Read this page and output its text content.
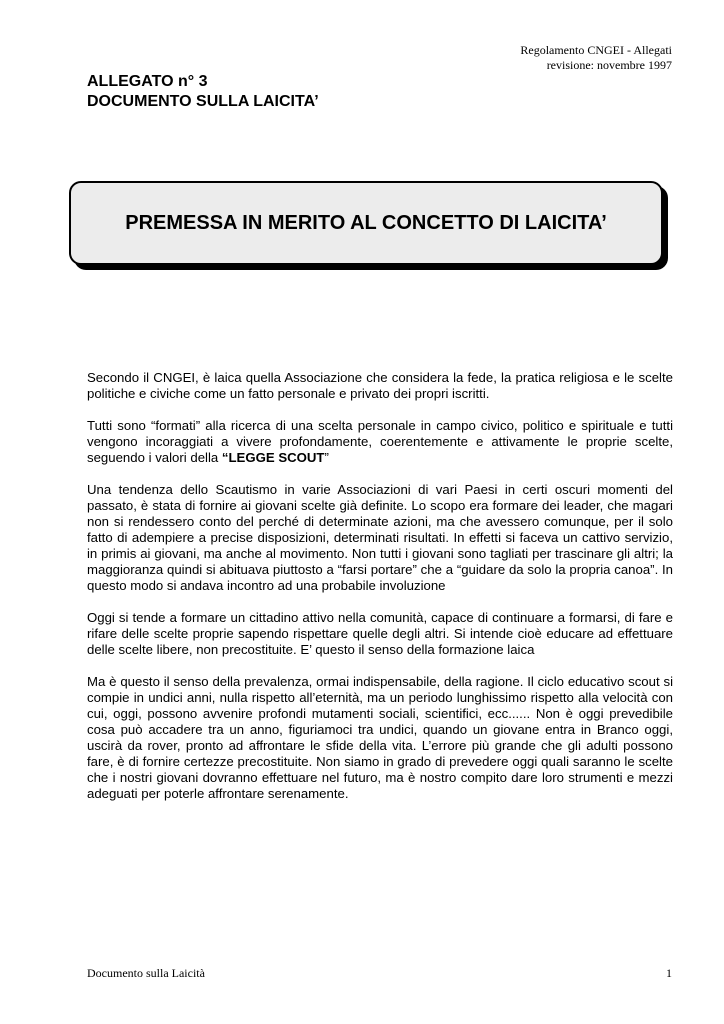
Regolamento CNGEI - Allegati
revisione: novembre 1997
ALLEGATO n° 3
DOCUMENTO SULLA LAICITA’
PREMESSA IN MERITO AL CONCETTO DI LAICITA’

Secondo il CNGEI, è laica quella Associazione che considera la fede, la pratica religiosa e le scelte politiche e civiche come un fatto personale e privato dei propri iscritti.

Tutti sono “formati” alla ricerca di una scelta personale in campo civico, politico e spirituale e tutti vengono incoraggiati a vivere profondamente, coerentemente e attivamente le proprie scelte, seguendo i valori della “LEGGE SCOUT”

Una tendenza dello Scautismo in varie Associazioni di vari Paesi in certi oscuri momenti del passato, è stata di fornire ai giovani scelte già definite. Lo scopo era formare dei leader, che magari non si rendessero conto del perché di determinate azioni, ma che avessero comunque, per il solo fatto di adempiere a precise disposizioni, determinati risultati. In effetti si faceva un cattivo servizio, in primis ai giovani, ma anche al movimento. Non tutti i giovani sono tagliati per trascinare gli altri; la maggioranza quindi si abituava piuttosto a “farsi portare” che a “guidare da solo la propria canoa”. In questo modo si andava incontro ad una probabile involuzione

Oggi si tende a formare un cittadino attivo nella comunità, capace di continuare a formarsi, di fare e rifare delle scelte proprie sapendo rispettare quelle degli altri. Si intende cioè educare ad effettuare delle scelte libere, non precostituite. E’ questo il senso della formazione laica

Ma è questo il senso della prevalenza, ormai indispensabile, della ragione. Il ciclo educativo scout si compie in undici anni, nulla rispetto all’eternità, ma un periodo lunghissimo rispetto alla velocità con cui, oggi, possono avvenire profondi mutamenti sociali, scientifici, ecc...... Non è oggi prevedibile cosa può accadere tra un anno, figuriamoci tra undici, quando un giovane entra in Branco oggi, uscirà da rover, pronto ad affrontare le sfide della vita. L’errore più grande che gli adulti possono fare, è di fornire certezze precostituite. Non siamo in grado di prevedere oggi quali saranno le scelte che i nostri giovani dovranno effettuare nel futuro, ma è nostro compito dare loro strumenti e mezzi adeguati per poterle affrontare serenamente.

Documento sulla Laicità	1
